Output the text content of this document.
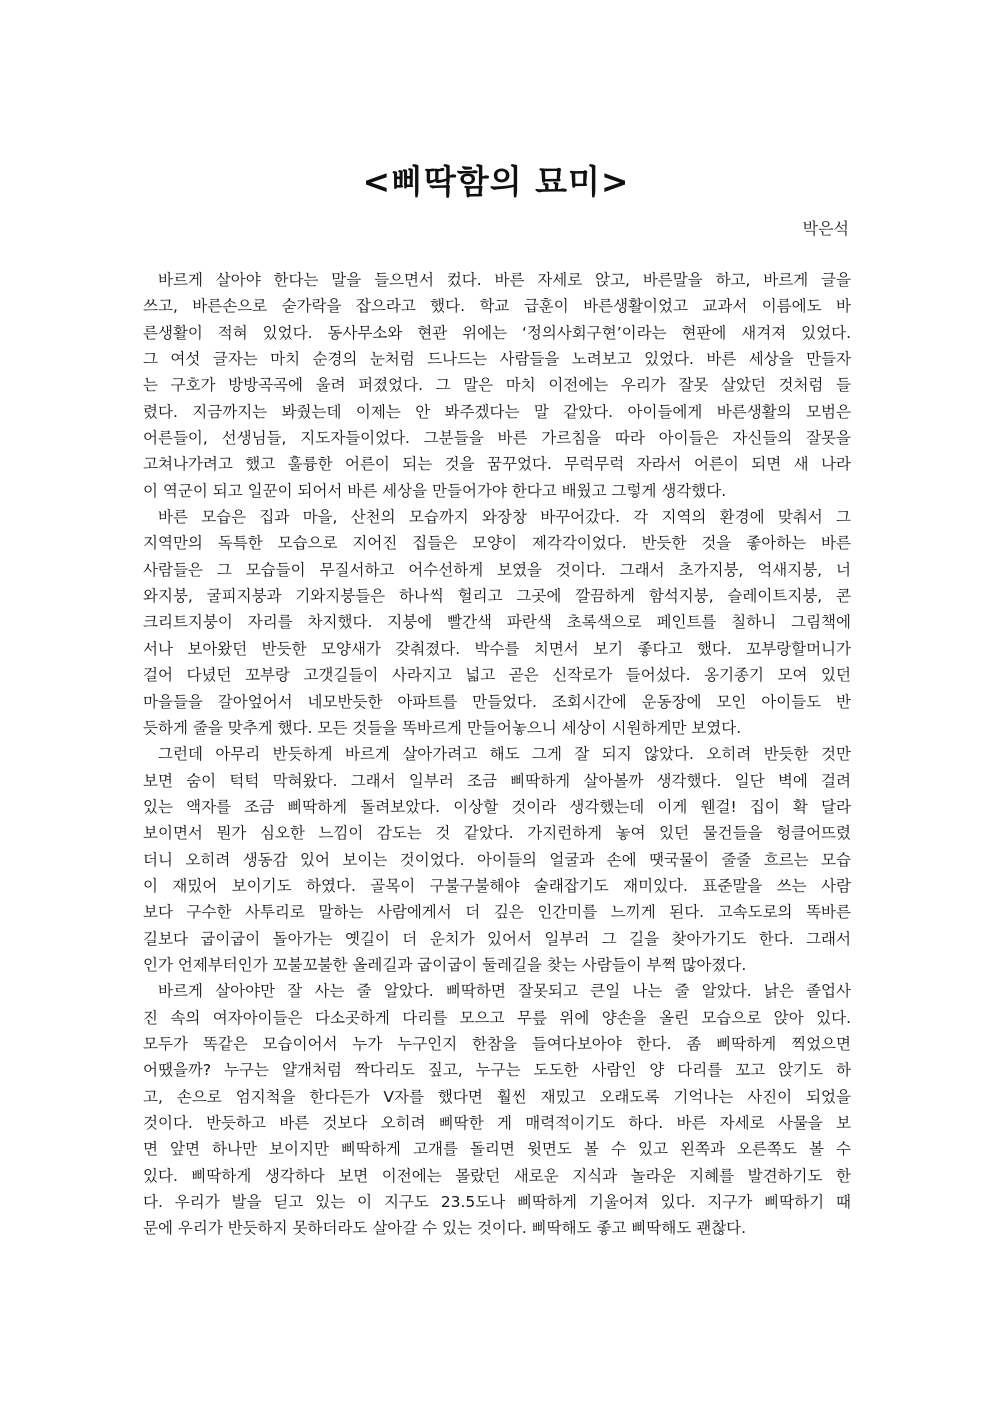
<삐딱함의 묘미>
박은석
바르게 살아야 한다는 말을 들으면서 컸다. 바른 자세로 앉고, 바른말을 하고, 바르게 글을
쓰고, 바른손으로 숟가락을 잡으라고 했다. 학교 급훈이 바른생활이었고 교과서 이름에도 바
른생활이 적혀 있었다. 동사무소와 현관 위에는 ‘정의사회구현’이라는 현판에 새겨져 있었다.
그 여섯 글자는 마치 순경의 눈처럼 드나드는 사람들을 노려보고 있었다. 바른 세상을 만들자
는 구호가 방방곡곡에 울려 퍼졌었다. 그 말은 마치 이전에는 우리가 잘못 살았던 것처럼 들
렸다. 지금까지는 봐줬는데 이제는 안 봐주겠다는 말 같았다. 아이들에게 바른생활의 모범은
어른들이, 선생님들, 지도자들이었다. 그분들을 바른 가르침을 따라 아이들은 자신들의 잘못을
고쳐나가려고 했고 훌륭한 어른이 되는 것을 꿈꾸었다. 무럭무럭 자라서 어른이 되면 새 나라
이 역군이 되고 일꾼이 되어서 바른 세상을 만들어가야 한다고 배웠고 그렇게 생각했다.
바른 모습은 집과 마을, 산천의 모습까지 와장창 바꾸어갔다. 각 지역의 환경에 맞춰서 그
지역만의 독특한 모습으로 지어진 집들은 모양이 제각각이었다. 반듯한 것을 좋아하는 바른
사람들은 그 모습들이 무질서하고 어수선하게 보였을 것이다. 그래서 초가지붕, 억새지붕, 너
와지붕, 굴피지붕과 기와지붕들은 하나씩 헐리고 그곳에 깔끔하게 함석지붕, 슬레이트지붕, 콘
크리트지붕이 자리를 차지했다. 지붕에 빨간색 파란색 초록색으로 페인트를 칠하니 그림책에
서나 보아왔던 반듯한 모양새가 갖춰졌다. 박수를 치면서 보기 좋다고 했다. 꼬부랑할머니가
걸어 다녔던 꼬부랑 고갯길들이 사라지고 넓고 곧은 신작로가 들어섰다. 옹기종기 모여 있던
마을들을 갈아엎어서 네모반듯한 아파트를 만들었다. 조회시간에 운동장에 모인 아이들도 반
듯하게 줄을 맞추게 했다. 모든 것들을 똑바르게 만들어놓으니 세상이 시원하게만 보였다.
그런데 아무리 반듯하게 바르게 살아가려고 해도 그게 잘 되지 않았다. 오히려 반듯한 것만
보면 숨이 턱턱 막혀왔다. 그래서 일부러 조금 삐딱하게 살아볼까 생각했다. 일단 벽에 걸려
있는 액자를 조금 삐딱하게 돌려보았다. 이상할 것이라 생각했는데 이게 웬걸! 집이 확 달라
보이면서 뭔가 심오한 느낌이 감도는 것 같았다. 가지런하게 놓여 있던 물건들을 헝클어뜨렸
더니 오히려 생동감 있어 보이는 것이었다. 아이들의 얼굴과 손에 땟국물이 줄줄 흐르는 모습
이 재밌어 보이기도 하였다. 골목이 구불구불해야 술래잡기도 재미있다. 표준말을 쓰는 사람
보다 구수한 사투리로 말하는 사람에게서 더 깊은 인간미를 느끼게 된다. 고속도로의 똑바른
길보다 굽이굽이 돌아가는 옛길이 더 운치가 있어서 일부러 그 길을 찾아가기도 한다. 그래서
인가 언제부터인가 꼬불꼬불한 올레길과 굽이굽이 둘레길을 찾는 사람들이 부쩍 많아졌다.
바르게 살아야만 잘 사는 줄 알았다. 삐딱하면 잘못되고 큰일 나는 줄 알았다. 낡은 졸업사
진 속의 여자아이들은 다소곳하게 다리를 모으고 무릎 위에 양손을 올린 모습으로 앉아 있다.
모두가 똑같은 모습이어서 누가 누구인지 한참을 들여다보아야 한다. 좀 삐딱하게 찍었으면
어땠을까? 누구는 얄개처럼 짝다리도 짚고, 누구는 도도한 사람인 양 다리를 꼬고 앉기도 하
고, 손으로 엄지척을 한다든가 V자를 했다면 훨씬 재밌고 오래도록 기억나는 사진이 되었을
것이다. 반듯하고 바른 것보다 오히려 삐딱한 게 매력적이기도 하다. 바른 자세로 사물을 보
면 앞면 하나만 보이지만 삐딱하게 고개를 돌리면 윗면도 볼 수 있고 왼쪽과 오른쪽도 볼 수
있다. 삐딱하게 생각하다 보면 이전에는 몰랐던 새로운 지식과 놀라운 지혜를 발견하기도 한
다. 우리가 발을 딛고 있는 이 지구도 23.5도나 삐딱하게 기울어져 있다. 지구가 삐딱하기 때
문에 우리가 반듯하지 못하더라도 살아갈 수 있는 것이다. 삐딱해도 좋고 삐딱해도 괜찮다.
